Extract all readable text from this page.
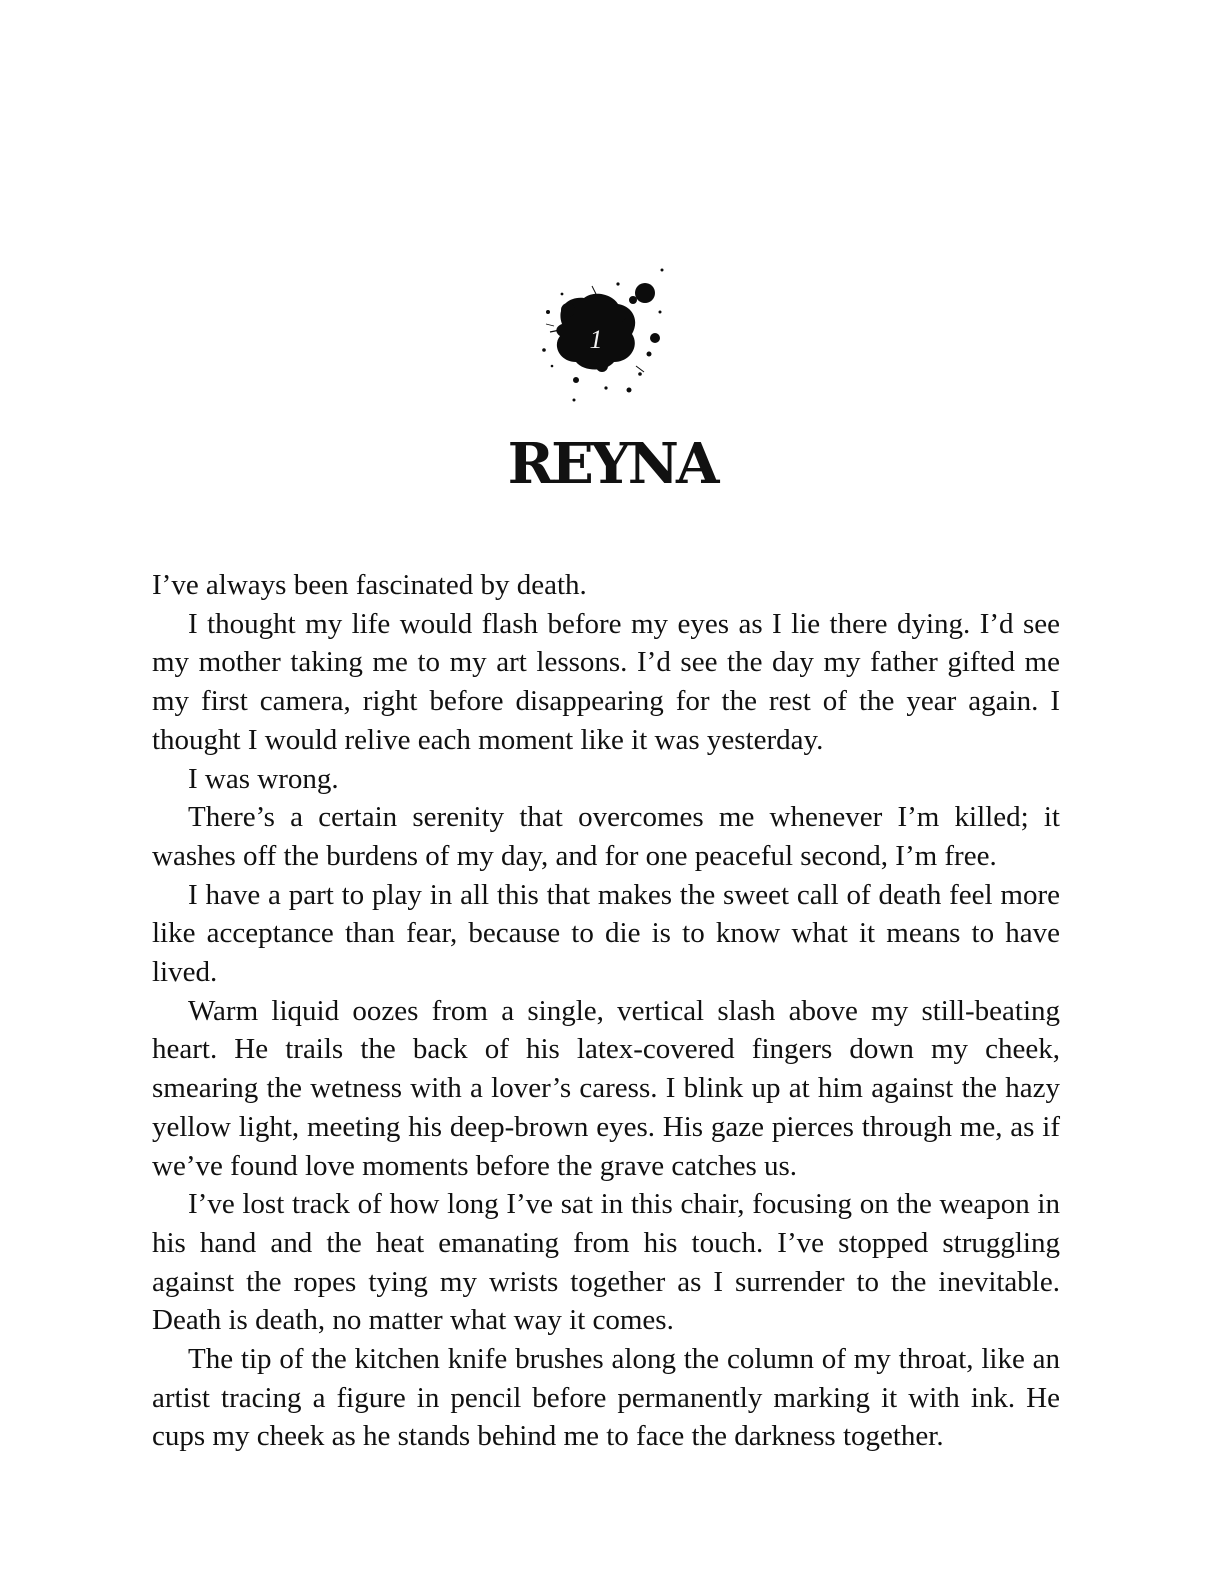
1
REYNA

I’ve always been fascinated by death.

I thought my life would flash before my eyes as I lie there dying. I’d see my mother taking me to my art lessons. I’d see the day my father gifted me my first camera, right before disappearing for the rest of the year again. I thought I would relive each moment like it was yesterday.

I was wrong.

There’s a certain serenity that overcomes me whenever I’m killed; it washes off the burdens of my day, and for one peaceful second, I’m free.

I have a part to play in all this that makes the sweet call of death feel more like acceptance than fear, because to die is to know what it means to have lived.

Warm liquid oozes from a single, vertical slash above my still-beating heart. He trails the back of his latex-covered fingers down my cheek, smearing the wetness with a lover’s caress. I blink up at him against the hazy yellow light, meeting his deep-brown eyes. His gaze pierces through me, as if we’ve found love moments before the grave catches us.

I’ve lost track of how long I’ve sat in this chair, focusing on the weapon in his hand and the heat emanating from his touch. I’ve stopped struggling against the ropes tying my wrists together as I surrender to the inevitable. Death is death, no matter what way it comes.

The tip of the kitchen knife brushes along the column of my throat, like an artist tracing a figure in pencil before permanently marking it with ink. He cups my cheek as he stands behind me to face the darkness together.
